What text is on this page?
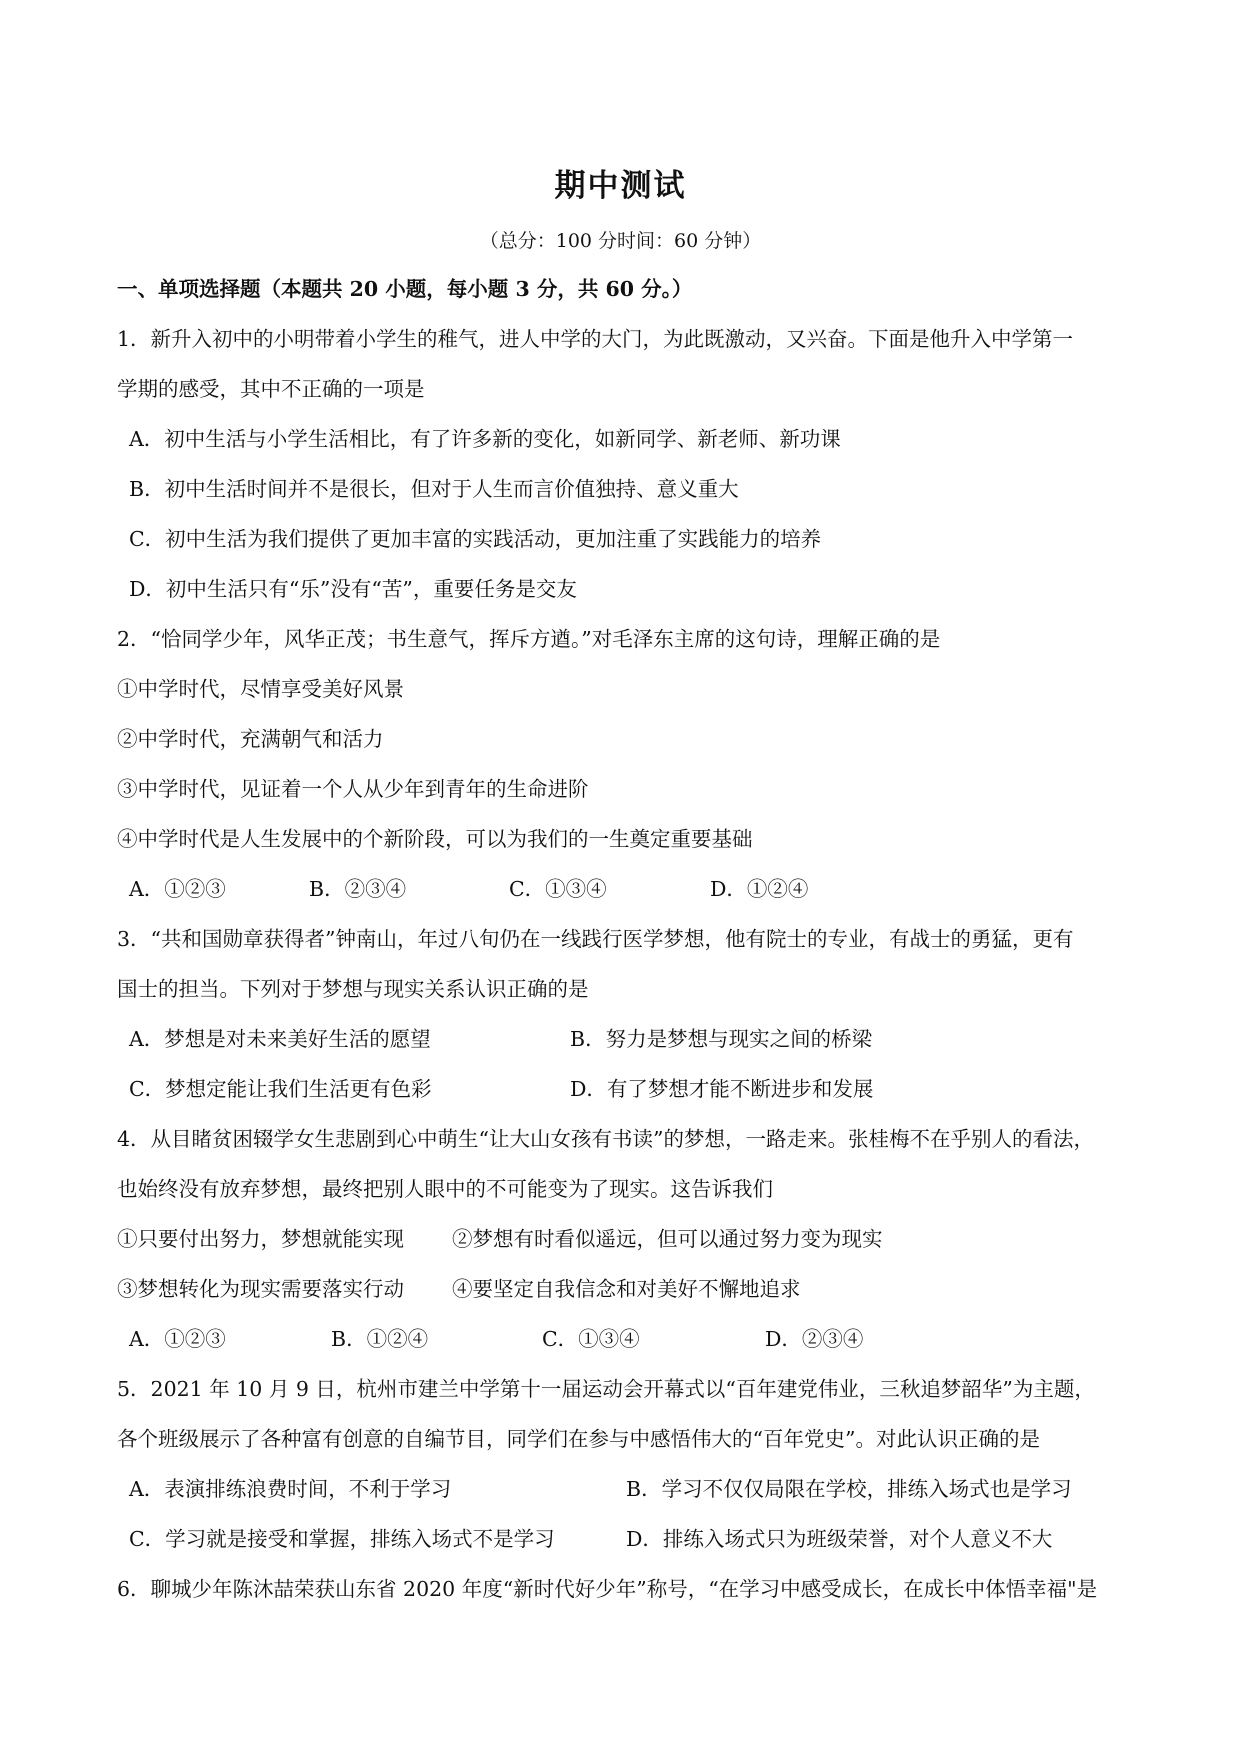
期中测试
（总分：100 分时间：60 分钟）
一、单项选择题（本题共 20 小题，每小题 3 分，共 60 分。）
1．新升入初中的小明带着小学生的稚气，进人中学的大门，为此既激动，又兴奋。下面是他升入中学第一
学期的感受，其中不正确的一项是
A．初中生活与小学生活相比，有了许多新的变化，如新同学、新老师、新功课
B．初中生活时间并不是很长，但对于人生而言价值独持、意义重大
C．初中生活为我们提供了更加丰富的实践活动，更加注重了实践能力的培养
D．初中生活只有“乐”没有“苦”，重要任务是交友
2．“恰同学少年，风华正茂；书生意气，挥斥方遒。”对毛泽东主席的这句诗，理解正确的是
①中学时代，尽情享受美好风景
②中学时代，充满朝气和活力
③中学时代，见证着一个人从少年到青年的生命进阶
④中学时代是人生发展中的个新阶段，可以为我们的一生奠定重要基础
A．①②③	B．②③④	C．①③④	D．①②④
3．“共和国勋章获得者”钟南山，年过八旬仍在一线践行医学梦想，他有院士的专业，有战士的勇猛，更有
国士的担当。下列对于梦想与现实关系认识正确的是
A．梦想是对未来美好生活的愿望	B．努力是梦想与现实之间的桥梁
C．梦想定能让我们生活更有色彩	D．有了梦想才能不断进步和发展
4．从目睹贫困辍学女生悲剧到心中萌生“让大山女孩有书读”的梦想，一路走来。张桂梅不在乎别人的看法，
也始终没有放弃梦想，最终把别人眼中的不可能变为了现实。这告诉我们
①只要付出努力，梦想就能实现 ②梦想有时看似遥远，但可以通过努力变为现实
③梦想转化为现实需要落实行动 ④要坚定自我信念和对美好不懈地追求
A．①②③	B．①②④	C．①③④	D．②③④
5．2021 年 10 月 9 日，杭州市建兰中学第十一届运动会开幕式以“百年建党伟业，三秋追梦韶华”为主题，
各个班级展示了各种富有创意的自编节目，同学们在参与中感悟伟大的“百年党史”。对此认识正确的是
A．表演排练浪费时间，不利于学习	B．学习不仅仅局限在学校，排练入场式也是学习
C．学习就是接受和掌握，排练入场式不是学习	D．排练入场式只为班级荣誉，对个人意义不大
6．聊城少年陈沐喆荣获山东省 2020 年度“新时代好少年”称号，“在学习中感受成长，在成长中体悟幸福"是
